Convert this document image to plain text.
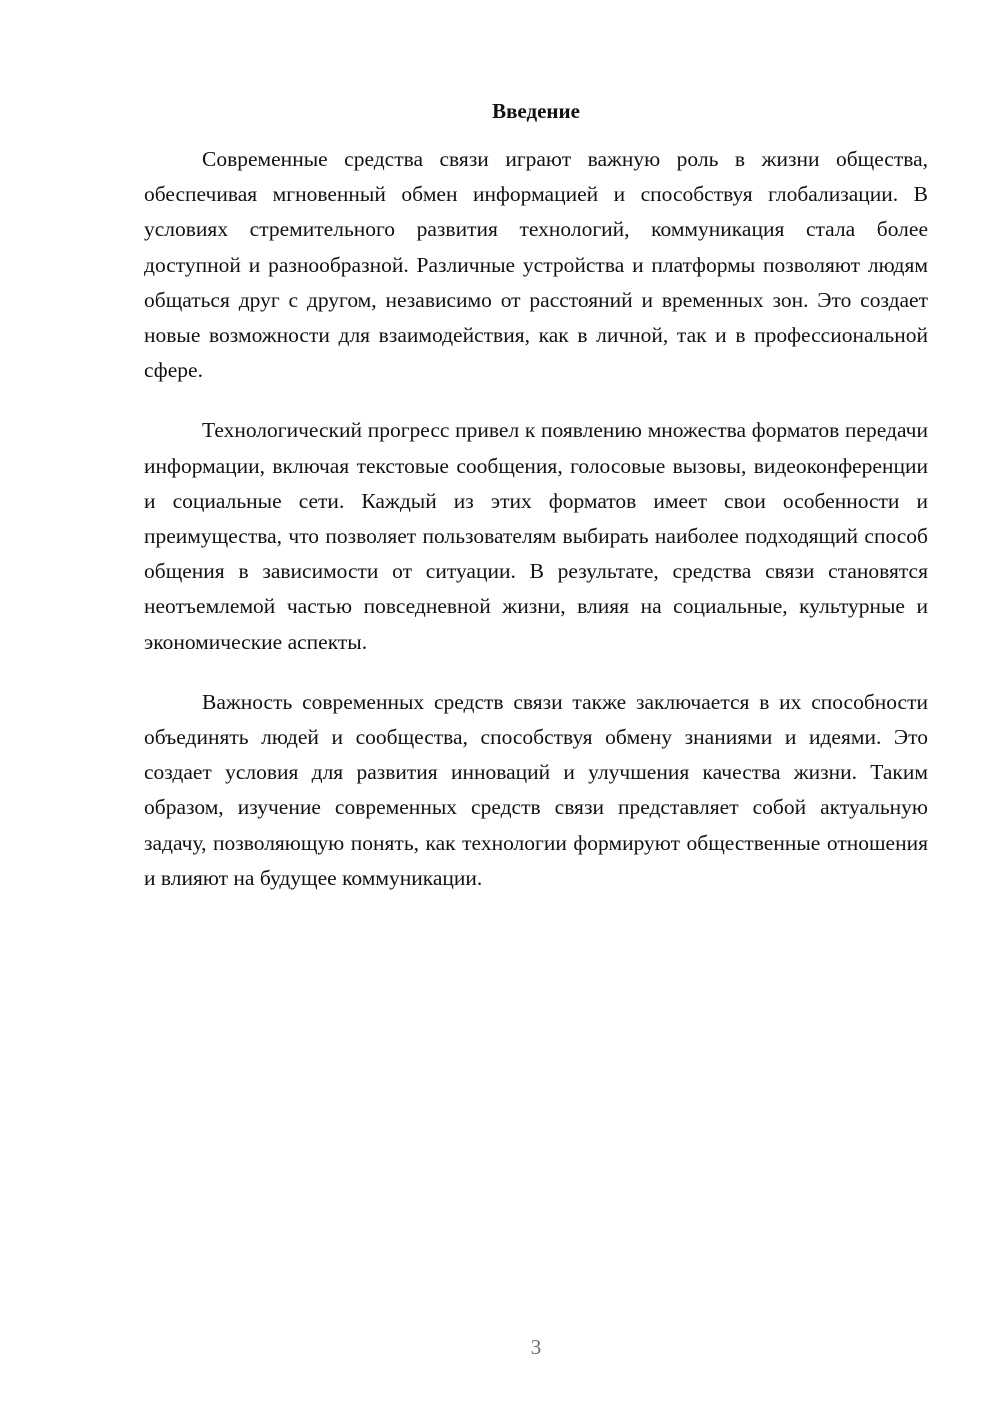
Введение

Современные средства связи играют важную роль в жизни общества, обеспечивая мгновенный обмен информацией и способствуя глобализации. В условиях стремительного развития технологий, коммуникация стала более доступной и разнообразной. Различные устройства и платформы позволяют людям общаться друг с другом, независимо от расстояний и временных зон. Это создает новые возможности для взаимодействия, как в личной, так и в профессиональной сфере.

Технологический прогресс привел к появлению множества форматов передачи информации, включая текстовые сообщения, голосовые вызовы, видеоконференции и социальные сети. Каждый из этих форматов имеет свои особенности и преимущества, что позволяет пользователям выбирать наиболее подходящий способ общения в зависимости от ситуации. В результате, средства связи становятся неотъемлемой частью повседневной жизни, влияя на социальные, культурные и экономические аспекты.

Важность современных средств связи также заключается в их способности объединять людей и сообщества, способствуя обмену знаниями и идеями. Это создает условия для развития инноваций и улучшения качества жизни. Таким образом, изучение современных средств связи представляет собой актуальную задачу, позволяющую понять, как технологии формируют общественные отношения и влияют на будущее коммуникации.

3
